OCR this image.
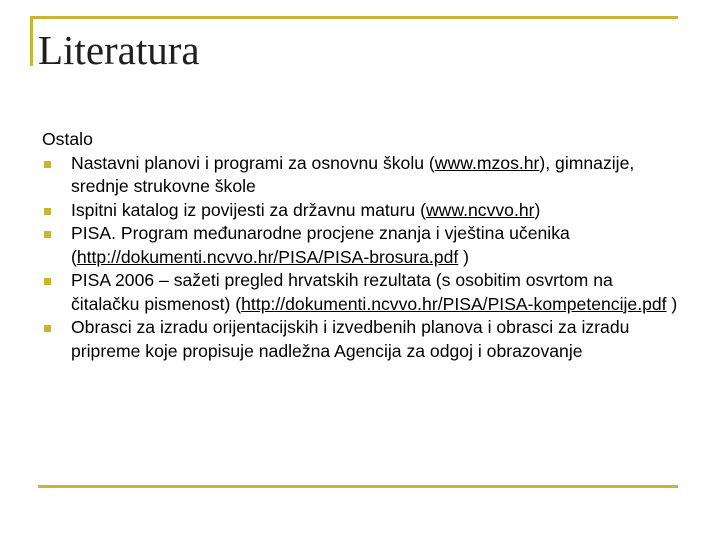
Literatura

Ostalo

Nastavni planovi i programi za osnovnu školu (www.mzos.hr), gimnazije, srednje strukovne škole
Ispitni katalog iz povijesti za državnu maturu (www.ncvvo.hr)
PISA. Program međunarodne procjene znanja i vještina učenika (http://dokumenti.ncvvo.hr/PISA/PISA-brosura.pdf )
PISA 2006 – sažeti pregled hrvatskih rezultata (s osobitim osvrtom na čitalačku pismenost) (http://dokumenti.ncvvo.hr/PISA/PISA-kompetencije.pdf )
Obrasci za izradu orijentacijskih i izvedbenih planova i obrasci za izradu pripreme koje propisuje nadležna Agencija za odgoj i obrazovanje
